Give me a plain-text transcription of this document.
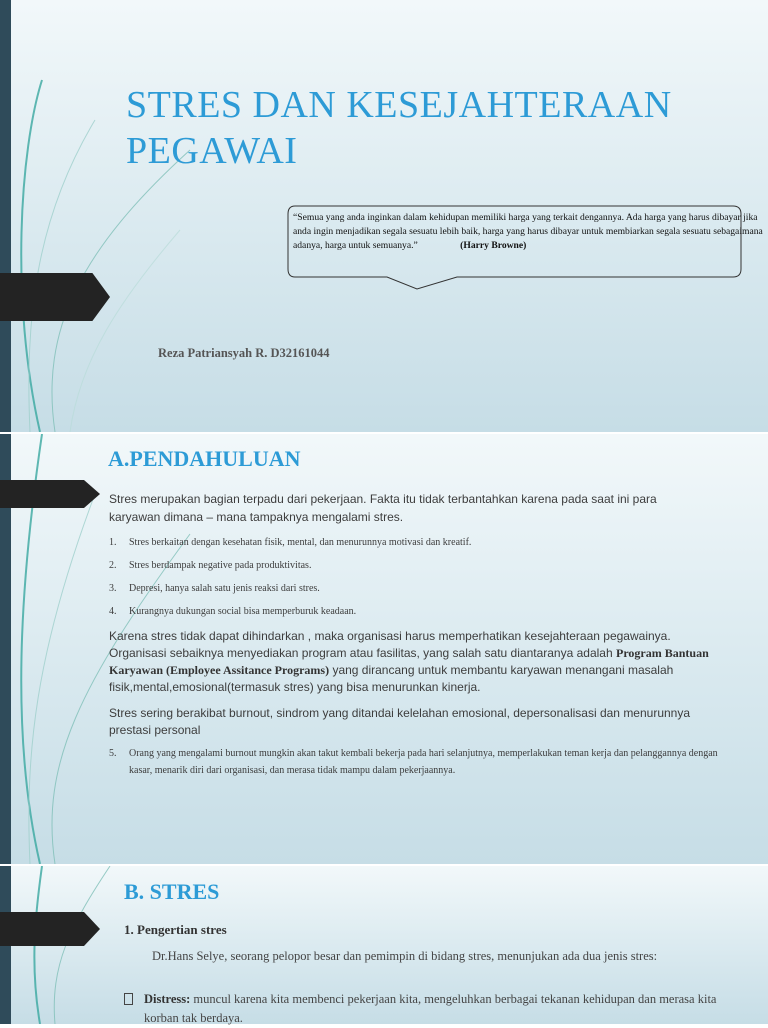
STRES DAN KESEJAHTERAAN PEGAWAI
“Semua yang anda inginkan dalam kehidupan memiliki harga yang terkait dengannya. Ada harga yang harus dibayar jika anda ingin menjadikan segala sesuatu lebih baik, harga yang harus dibayar untuk membiarkan segala sesuatu sebagaimana adanya, harga untuk semuanya.”	(Harry Browne)
Reza Patriansyah R. D32161044
A.PENDAHULUAN
Stres merupakan bagian terpadu dari pekerjaan. Fakta itu tidak terbantahkan karena pada saat ini para karyawan dimana – mana tampaknya mengalami stres.
1. Stres berkaitan dengan kesehatan fisik, mental, dan menurunnya motivasi dan kreatif.
2. Stres berdampak negative pada produktivitas.
3. Depresi, hanya salah satu jenis reaksi dari stres.
4. Kurangnya dukungan social bisa memperburuk keadaan.
Karena stres tidak dapat dihindarkan , maka organisasi harus memperhatikan kesejahteraan pegawainya. Organisasi sebaiknya menyediakan program atau fasilitas, yang salah satu diantaranya adalah Program Bantuan Karyawan (Employee Assitance Programs) yang dirancang untuk membantu karyawan menangani masalah fisik,mental,emosional(termasuk stres) yang bisa menurunkan kinerja.
Stres sering berakibat burnout, sindrom yang ditandai kelelahan emosional, depersonalisasi dan menurunnya prestasi personal
5. Orang yang mengalami burnout mungkin akan takut kembali bekerja pada hari selanjutnya, memperlakukan teman kerja dan pelanggannya dengan kasar, menarik diri dari organisasi, dan merasa tidak mampu dalam pekerjaannya.
B. STRES
1. Pengertian stres
Dr.Hans Selye, seorang pelopor besar dan pemimpin di bidang stres, menunjukan ada dua jenis stres:
Distress: muncul karena kita membenci pekerjaan kita, mengeluhkan berbagai tekanan kehidupan dan merasa kita korban tak berdaya.
